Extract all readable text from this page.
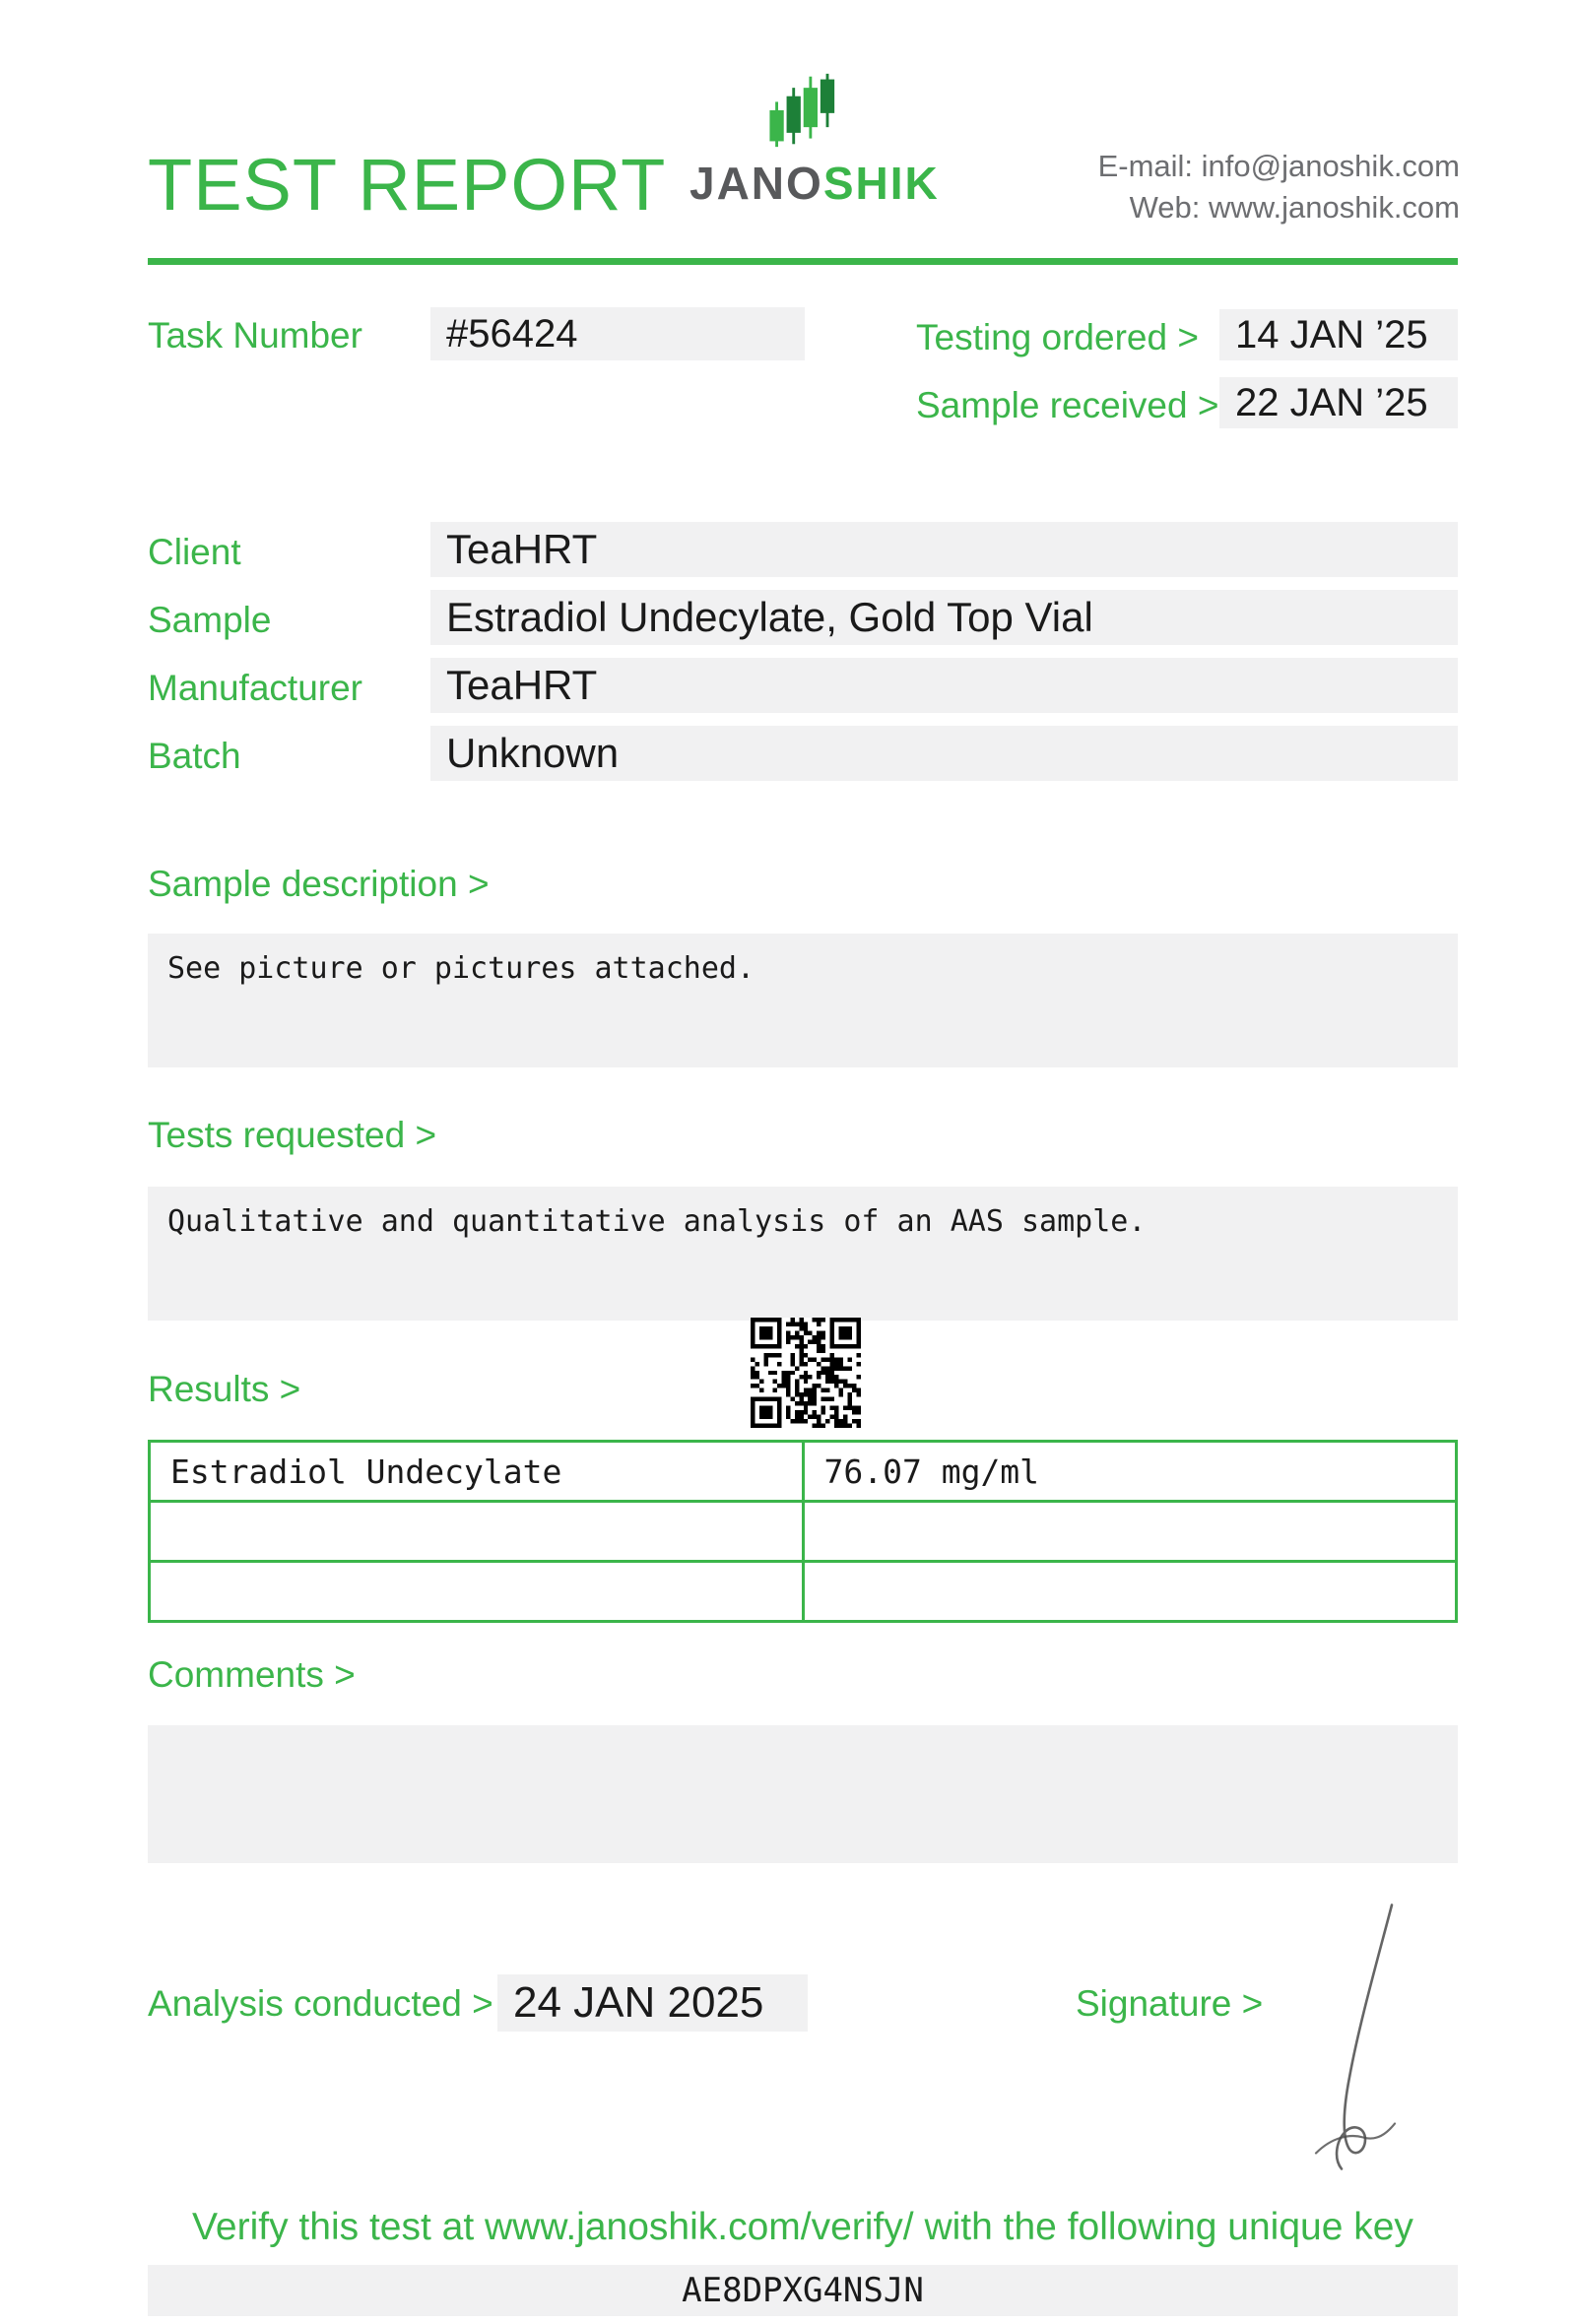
TEST REPORT JANOSHIK	E-mail: info@janoshik.com
Web: www.janoshik.com
Task Number	#56424	Testing ordered > 14 JAN ’25
Sample received > 22 JAN ’25
Client	TeaHRT
Sample	Estradiol Undecylate, Gold Top Vial
Manufacturer	TeaHRT
Batch	Unknown
Sample description >
See picture or pictures attached.
Tests requested >
Qualitative and quantitative analysis of an AAS sample.
Results >
Estradiol Undecylate	76.07 mg/ml

Comments >
Analysis conducted > 24 JAN 2025	Signature >
Verify this test at www.janoshik.com/verify/ with the following unique key
AE8DPXG4NSJN
